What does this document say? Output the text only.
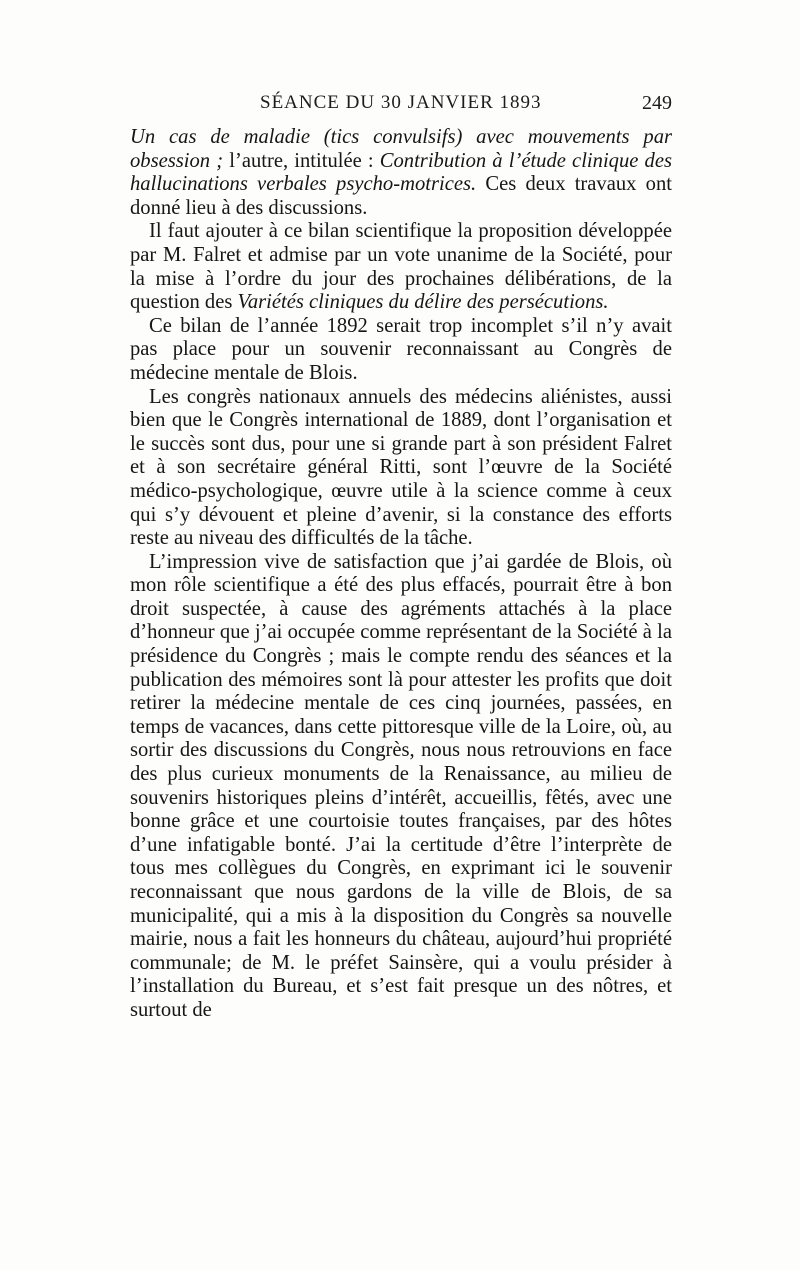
SÉANCE DU 30 JANVIER 1893	249

Un cas de maladie (tics convulsifs) avec mouvements par obsession ; l’autre, intitulée : Contribution à l’étude clinique des hallucinations verbales psycho-motrices. Ces deux travaux ont donné lieu à des discussions.

Il faut ajouter à ce bilan scientifique la proposition développée par M. Falret et admise par un vote unanime de la Société, pour la mise à l’ordre du jour des prochaines délibérations, de la question des Variétés cliniques du délire des persécutions.

Ce bilan de l’année 1892 serait trop incomplet s’il n’y avait pas place pour un souvenir reconnaissant au Congrès de médecine mentale de Blois.

Les congrès nationaux annuels des médecins aliénistes, aussi bien que le Congrès international de 1889, dont l’organisation et le succès sont dus, pour une si grande part à son président Falret et à son secrétaire général Ritti, sont l’œuvre de la Société médico-psychologique, œuvre utile à la science comme à ceux qui s’y dévouent et pleine d’avenir, si la constance des efforts reste au niveau des difficultés de la tâche.

L’impression vive de satisfaction que j’ai gardée de Blois, où mon rôle scientifique a été des plus effacés, pourrait être à bon droit suspectée, à cause des agréments attachés à la place d’honneur que j’ai occupée comme représentant de la Société à la présidence du Congrès ; mais le compte rendu des séances et la publication des mémoires sont là pour attester les profits que doit retirer la médecine mentale de ces cinq journées, passées, en temps de vacances, dans cette pittoresque ville de la Loire, où, au sortir des discussions du Congrès, nous nous retrouvions en face des plus curieux monuments de la Renaissance, au milieu de souvenirs historiques pleins d’intérêt, accueillis, fêtés, avec une bonne grâce et une courtoisie toutes françaises, par des hôtes d’une infatigable bonté. J’ai la certitude d’être l’interprète de tous mes collègues du Congrès, en exprimant ici le souvenir reconnaissant que nous gardons de la ville de Blois, de sa municipalité, qui a mis à la disposition du Congrès sa nouvelle mairie, nous a fait les honneurs du château, aujourd’hui propriété communale; de M. le préfet Sainsère, qui a voulu présider à l’installation du Bureau, et s’est fait presque un des nôtres, et surtout de
